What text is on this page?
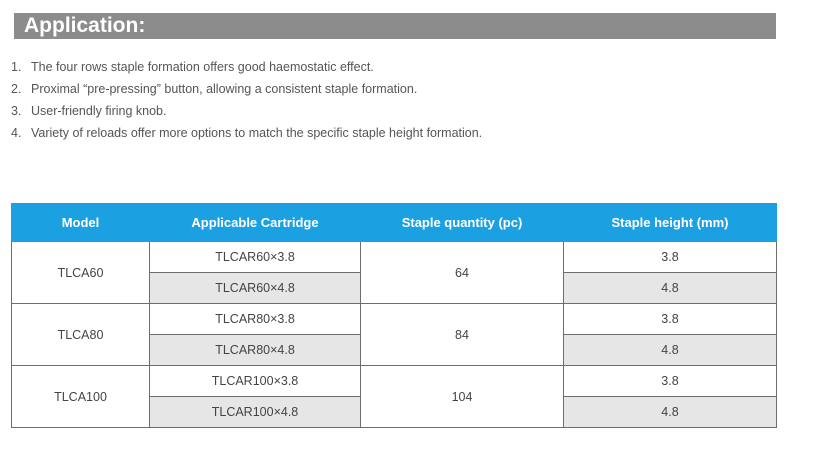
Application:
1. The four rows staple formation offers good haemostatic effect.
2. Proximal “pre-pressing” button, allowing a consistent staple formation.
3. User-friendly firing knob.
4. Variety of reloads offer more options to match the specific staple height formation.
Model	Applicable Cartridge	Staple quantity (pc)	Staple height (mm)
TLCA60	TLCAR60×3.8	64	3.8
	TLCAR60×4.8		4.8
TLCA80	TLCAR80×3.8	84	3.8
	TLCAR80×4.8		4.8
TLCA100	TLCAR100×3.8	104	3.8
	TLCAR100×4.8		4.8
